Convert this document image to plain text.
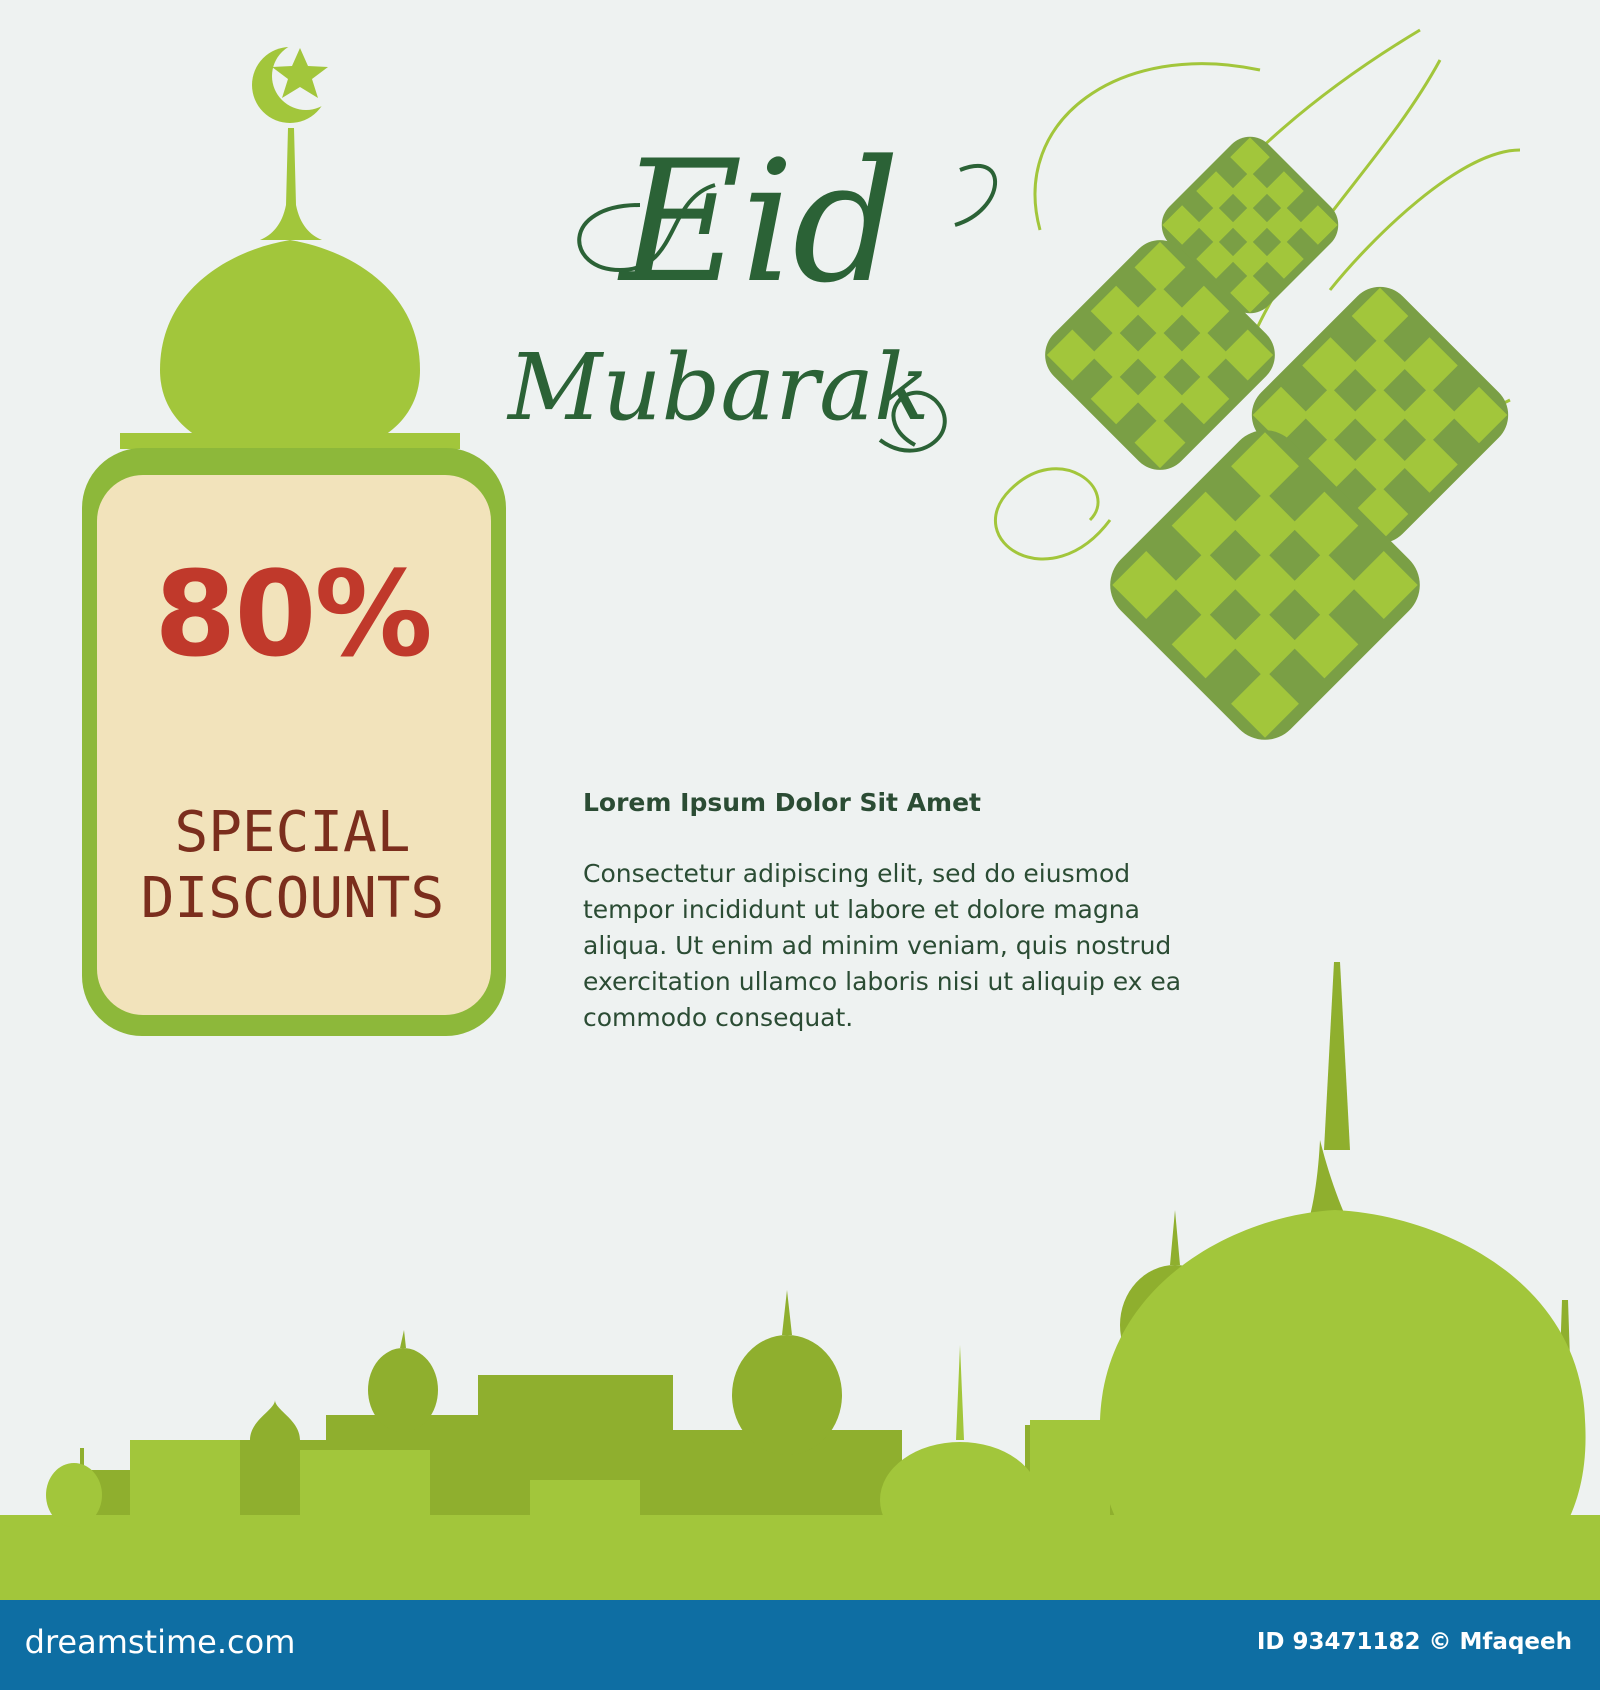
Eid
Mubarak
80%
SPECIAL
DISCOUNTS
Lorem Ipsum Dolor Sit Amet
Consectetur adipiscing elit, sed do eiusmod tempor incididunt ut labore et dolore magna aliqua. Ut enim ad minim veniam, quis nostrud exercitation ullamco laboris nisi ut aliquip ex ea commodo consequat.
dreamstime.com	ID 93471182 © Mfaqeeh
